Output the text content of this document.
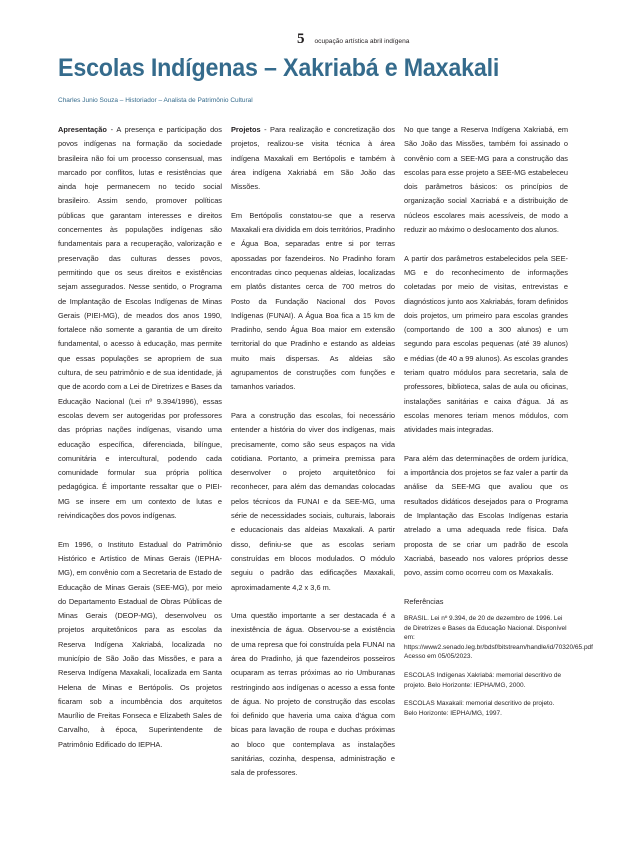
5 ocupação artística abril indígena
Escolas Indígenas – Xakriabá e Maxakali
Charles Junio Souza – Historiador – Analista de Patrimônio Cultural

Apresentação - A presença e participação dos povos indígenas na formação da sociedade brasileira não foi um processo consensual, mas marcado por conflitos, lutas e resistências que ainda hoje permanecem no tecido social brasileiro. Assim sendo, promover políticas públicas que garantam interesses e direitos concernentes às populações indígenas são fundamentais para a recuperação, valorização e preservação das culturas desses povos, permitindo que os seus direitos e existências sejam assegurados. Nesse sentido, o Programa de Implantação de Escolas Indígenas de Minas Gerais (PIEI-MG), de meados dos anos 1990, fortalece não somente a garantia de um direito fundamental, o acesso à educação, mas permite que essas populações se apropriem de sua cultura, de seu patrimônio e de sua identidade, já que de acordo com a Lei de Diretrizes e Bases da Educação Nacional (Lei nº 9.394/1996), essas escolas devem ser autogeridas por professores das próprias nações indígenas, visando uma educação específica, diferenciada, bilíngue, comunitária e intercultural, podendo cada comunidade formular sua própria política pedagógica. É importante ressaltar que o PIEI-MG se insere em um contexto de lutas e reivindicações dos povos indígenas.

Em 1996, o Instituto Estadual do Patrimônio Histórico e Artístico de Minas Gerais (IEPHA-MG), em convênio com a Secretaria de Estado de Educação de Minas Gerais (SEE-MG), por meio do Departamento Estadual de Obras Públicas de Minas Gerais (DEOP-MG), desenvolveu os projetos arquitetônicos para as escolas da Reserva Indígena Xakriabá, localizada no município de São João das Missões, e para a Reserva Indígena Maxakali, localizada em Santa Helena de Minas e Bertópolis. Os projetos ficaram sob a incumbência dos arquitetos Maurílio de Freitas Fonseca e Elizabeth Sales de Carvalho, à época, Superintendente de Patrimônio Edificado do IEPHA.

Projetos - Para realização e concretização dos projetos, realizou-se visita técnica à área indígena Maxakali em Bertópolis e também à área indígena Xakriabá em São João das Missões.

Em Bertópolis constatou-se que a reserva Maxakali era dividida em dois territórios, Pradinho e Água Boa, separadas entre si por terras apossadas por fazendeiros. No Pradinho foram encontradas cinco pequenas aldeias, localizadas em platôs distantes cerca de 700 metros do Posto da Fundação Nacional dos Povos Indígenas (FUNAI). A Água Boa fica a 15 km de Pradinho, sendo Água Boa maior em extensão territorial do que Pradinho e estando as aldeias muito mais dispersas. As aldeias são agrupamentos de construções com funções e tamanhos variados.

Para a construção das escolas, foi necessário entender a história do viver dos indígenas, mais precisamente, como são seus espaços na vida cotidiana. Portanto, a primeira premissa para desenvolver o projeto arquitetônico foi reconhecer, para além das demandas colocadas pelos técnicos da FUNAI e da SEE-MG, uma série de necessidades sociais, culturais, laborais e educacionais das aldeias Maxakali. A partir disso, definiu-se que as escolas seriam construídas em blocos modulados. O módulo seguiu o padrão das edificações Maxakali, aproximadamente 4,2 x 3,6 m.

Uma questão importante a ser destacada é a inexistência de água. Observou-se a existência de uma represa que foi construída pela FUNAI na área do Pradinho, já que fazendeiros posseiros ocuparam as terras próximas ao rio Umburanas restringindo aos indígenas o acesso a essa fonte de água. No projeto de construção das escolas foi definido que haveria uma caixa d'água com bicas para lavação de roupa e duchas próximas ao bloco que contemplava as instalações sanitárias, cozinha, despensa, administração e sala de professores.

No que tange a Reserva Indígena Xakriabá, em São João das Missões, também foi assinado o convênio com a SEE-MG para a construção das escolas para esse projeto a SEE-MG estabeleceu dois parâmetros básicos: os princípios de organização social Xacriabá e a distribuição de núcleos escolares mais acessíveis, de modo a reduzir ao máximo o deslocamento dos alunos.

A partir dos parâmetros estabelecidos pela SEE-MG e do reconhecimento de informações coletadas por meio de visitas, entrevistas e diagnósticos junto aos Xakriabás, foram definidos dois projetos, um primeiro para escolas grandes (comportando de 100 a 300 alunos) e um segundo para escolas pequenas (até 39 alunos) e médias (de 40 a 99 alunos). As escolas grandes teriam quatro módulos para secretaria, sala de professores, biblioteca, salas de aula ou oficinas, instalações sanitárias e caixa d'água. Já as escolas menores teriam menos módulos, com atividades mais integradas.

Para além das determinações de ordem jurídica, a importância dos projetos se faz valer a partir da análise da SEE-MG que avaliou que os resultados didáticos desejados para o Programa de Implantação das Escolas Indígenas estaria atrelado a uma adequada rede física. Dafa proposta de se criar um padrão de escola Xacriabá, baseado nos valores próprios desse povo, assim como ocorreu com os Maxakalis.

Referências

BRASIL. Lei nº 9.394, de 20 de dezembro de 1996. Lei de Diretrizes e Bases da Educação Nacional. Disponível em: https://www2.senado.leg.br/bdsf/bitstream/handle/id/70320/65.pdf Acesso em 05/05/2023.

ESCOLAS Indígenas Xakriabá: memorial descritivo de projeto. Belo Horizonte: IEPHA/MG, 2000.

ESCOLAS Maxakali: memorial descritivo de projeto. Belo Horizonte: IEPHA/MG, 1997.
